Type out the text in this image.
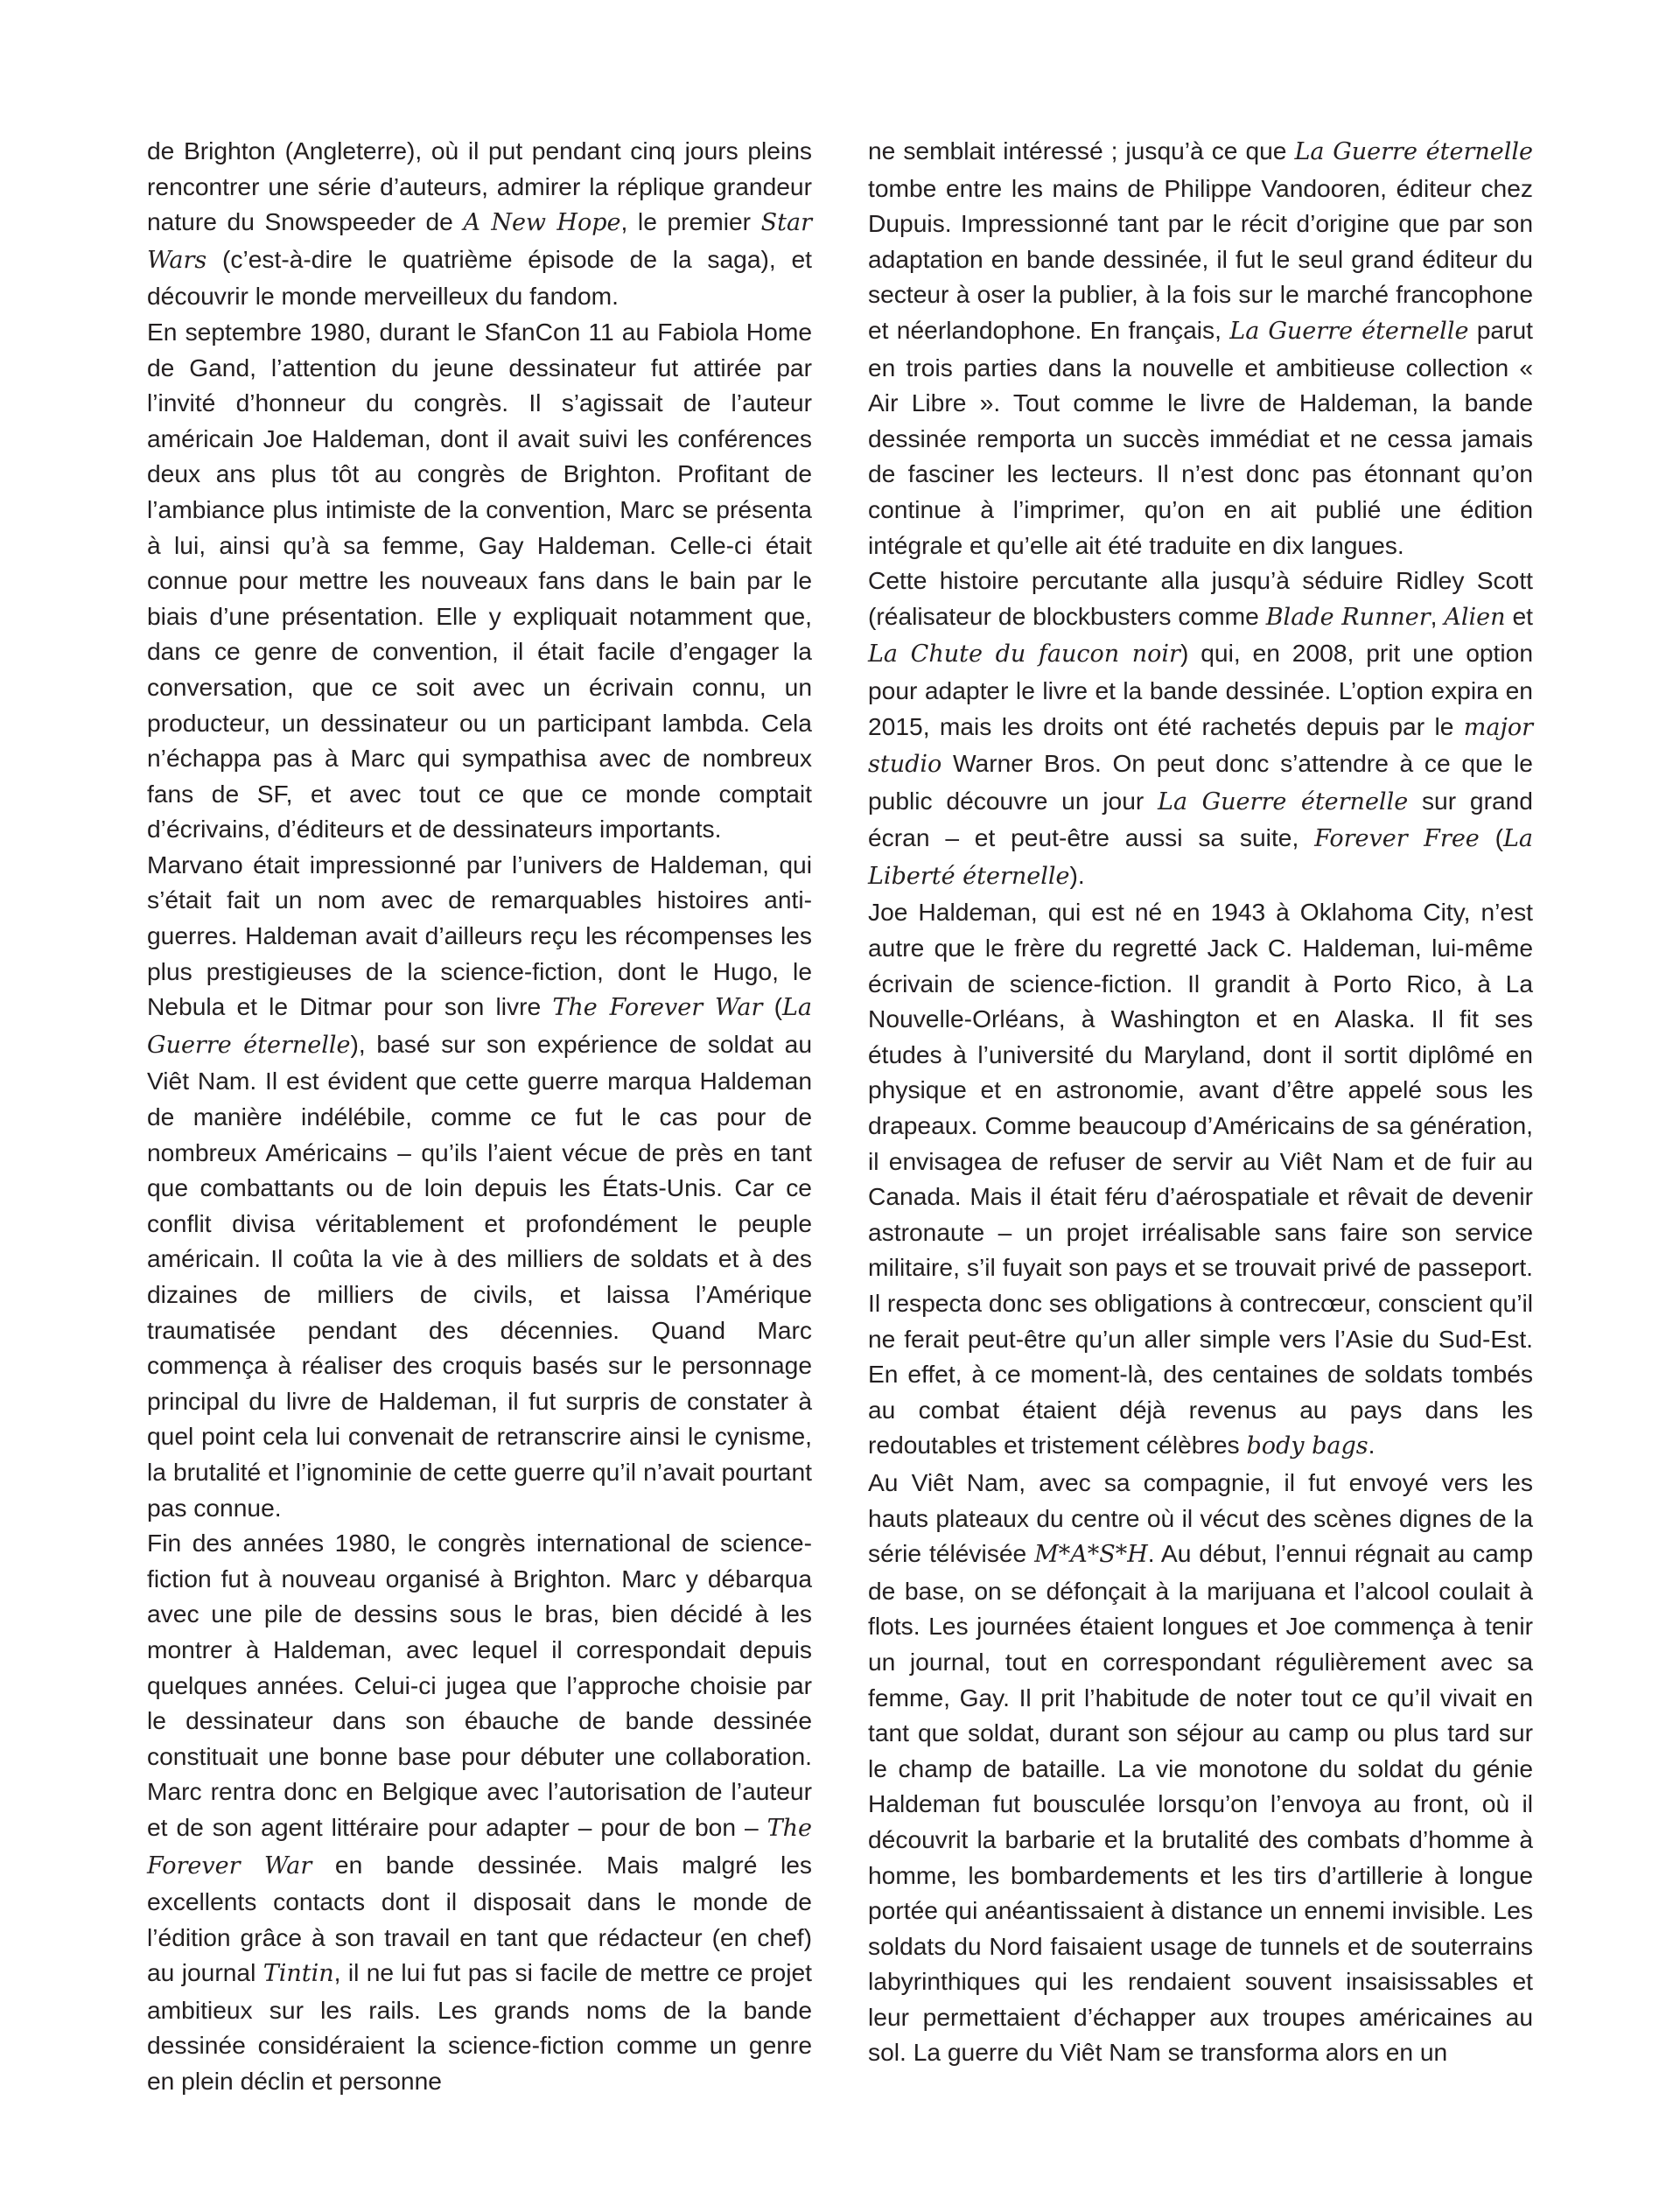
de Brighton (Angleterre), où il put pendant cinq jours pleins rencontrer une série d’auteurs, admirer la réplique grandeur nature du Snowspeeder de A New Hope, le premier Star Wars (c’est-à-dire le quatrième épisode de la saga), et découvrir le monde merveilleux du fandom.

En septembre 1980, durant le SfanCon 11 au Fabiola Home de Gand, l’attention du jeune dessinateur fut attirée par l’invité d’honneur du congrès. Il s’agissait de l’auteur américain Joe Haldeman, dont il avait suivi les conférences deux ans plus tôt au congrès de Brighton. Profitant de l’ambiance plus intimiste de la convention, Marc se présenta à lui, ainsi qu’à sa femme, Gay Haldeman. Celle-ci était connue pour mettre les nouveaux fans dans le bain par le biais d’une présentation. Elle y expliquait notamment que, dans ce genre de convention, il était facile d’engager la conversation, que ce soit avec un écrivain connu, un producteur, un dessinateur ou un participant lambda. Cela n’échappa pas à Marc qui sympathisa avec de nombreux fans de SF, et avec tout ce que ce monde comptait d’écrivains, d’éditeurs et de dessinateurs importants.

Marvano était impressionné par l’univers de Haldeman, qui s’était fait un nom avec de remarquables histoires anti-guerres. Haldeman avait d’ailleurs reçu les récompenses les plus prestigieuses de la science-fiction, dont le Hugo, le Nebula et le Ditmar pour son livre The Forever War (La Guerre éternelle), basé sur son expérience de soldat au Viêt Nam. Il est évident que cette guerre marqua Haldeman de manière indélébile, comme ce fut le cas pour de nombreux Américains – qu’ils l’aient vécue de près en tant que combattants ou de loin depuis les États-Unis. Car ce conflit divisa véritablement et profondément le peuple américain. Il coûta la vie à des milliers de soldats et à des dizaines de milliers de civils, et laissa l’Amérique traumatisée pendant des décennies. Quand Marc commença à réaliser des croquis basés sur le personnage principal du livre de Haldeman, il fut surpris de constater à quel point cela lui convenait de retranscrire ainsi le cynisme, la brutalité et l’ignominie de cette guerre qu’il n’avait pourtant pas connue.

Fin des années 1980, le congrès international de science-fiction fut à nouveau organisé à Brighton. Marc y débarqua avec une pile de dessins sous le bras, bien décidé à les montrer à Haldeman, avec lequel il correspondait depuis quelques années. Celui-ci jugea que l’approche choisie par le dessinateur dans son ébauche de bande dessinée constituait une bonne base pour débuter une collaboration. Marc rentra donc en Belgique avec l’autorisation de l’auteur et de son agent littéraire pour adapter – pour de bon – The Forever War en bande dessinée. Mais malgré les excellents contacts dont il disposait dans le monde de l’édition grâce à son travail en tant que rédacteur (en chef) au journal Tintin, il ne lui fut pas si facile de mettre ce projet ambitieux sur les rails. Les grands noms de la bande dessinée considéraient la science-fiction comme un genre en plein déclin et personne

ne semblait intéressé ; jusqu’à ce que La Guerre éternelle tombe entre les mains de Philippe Vandooren, éditeur chez Dupuis. Impressionné tant par le récit d’origine que par son adaptation en bande dessinée, il fut le seul grand éditeur du secteur à oser la publier, à la fois sur le marché francophone et néerlandophone. En français, La Guerre éternelle parut en trois parties dans la nouvelle et ambitieuse collection « Air Libre ». Tout comme le livre de Haldeman, la bande dessinée remporta un succès immédiat et ne cessa jamais de fasciner les lecteurs. Il n’est donc pas étonnant qu’on continue à l’imprimer, qu’on en ait publié une édition intégrale et qu’elle ait été traduite en dix langues.

Cette histoire percutante alla jusqu’à séduire Ridley Scott (réalisateur de blockbusters comme Blade Runner, Alien et La Chute du faucon noir) qui, en 2008, prit une option pour adapter le livre et la bande dessinée. L’option expira en 2015, mais les droits ont été rachetés depuis par le major studio Warner Bros. On peut donc s’attendre à ce que le public découvre un jour La Guerre éternelle sur grand écran – et peut-être aussi sa suite, Forever Free (La Liberté éternelle).

Joe Haldeman, qui est né en 1943 à Oklahoma City, n’est autre que le frère du regretté Jack C. Haldeman, lui-même écrivain de science-fiction. Il grandit à Porto Rico, à La Nouvelle-Orléans, à Washington et en Alaska. Il fit ses études à l’université du Maryland, dont il sortit diplômé en physique et en astronomie, avant d’être appelé sous les drapeaux. Comme beaucoup d’Américains de sa génération, il envisagea de refuser de servir au Viêt Nam et de fuir au Canada. Mais il était féru d’aérospatiale et rêvait de devenir astronaute – un projet irréalisable sans faire son service militaire, s’il fuyait son pays et se trouvait privé de passeport. Il respecta donc ses obligations à contrecœur, conscient qu’il ne ferait peut-être qu’un aller simple vers l’Asie du Sud-Est. En effet, à ce moment-là, des centaines de soldats tombés au combat étaient déjà revenus au pays dans les redoutables et tristement célèbres body bags.

Au Viêt Nam, avec sa compagnie, il fut envoyé vers les hauts plateaux du centre où il vécut des scènes dignes de la série télévisée M*A*S*H. Au début, l’ennui régnait au camp de base, on se défonçait à la marijuana et l’alcool coulait à flots. Les journées étaient longues et Joe commença à tenir un journal, tout en correspondant régulièrement avec sa femme, Gay. Il prit l’habitude de noter tout ce qu’il vivait en tant que soldat, durant son séjour au camp ou plus tard sur le champ de bataille. La vie monotone du soldat du génie Haldeman fut bousculée lorsqu’on l’envoya au front, où il découvrit la barbarie et la brutalité des combats d’homme à homme, les bombardements et les tirs d’artillerie à longue portée qui anéantissaient à distance un ennemi invisible. Les soldats du Nord faisaient usage de tunnels et de souterrains labyrinthiques qui les rendaient souvent insaisissables et leur permettaient d’échapper aux troupes américaines au sol. La guerre du Viêt Nam se transforma alors en un
